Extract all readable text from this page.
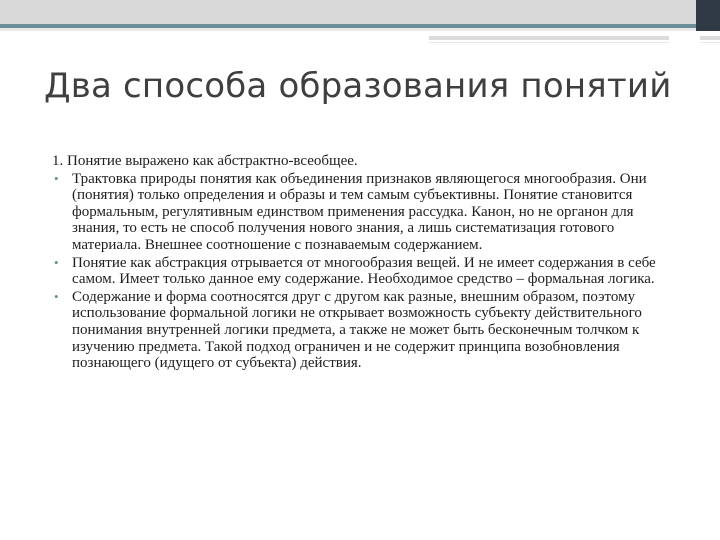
Два способа образования понятий
1. Понятие выражено как абстрактно-всеобщее.
• Трактовка природы понятия как объединения признаков являющегося многообразия. Они (понятия) только определения и образы и тем самым субъективны. Понятие становится формальным, регулятивным единством применения рассудка. Канон, но не органон для знания, то есть не способ получения нового знания, а лишь систематизация готового материала. Внешнее соотношение с познаваемым содержанием.
• Понятие как абстракция отрывается от многообразия вещей. И не имеет содержания в себе самом. Имеет только данное ему содержание. Необходимое средство – формальная логика.
• Содержание и форма соотносятся друг с другом как разные, внешним образом, поэтому использование формальной логики не открывает возможность субъекту действительного понимания внутренней логики предмета, а также не может быть бесконечным толчком к изучению предмета. Такой подход ограничен и не содержит принципа возобновления познающего (идущего от субъекта) действия.
